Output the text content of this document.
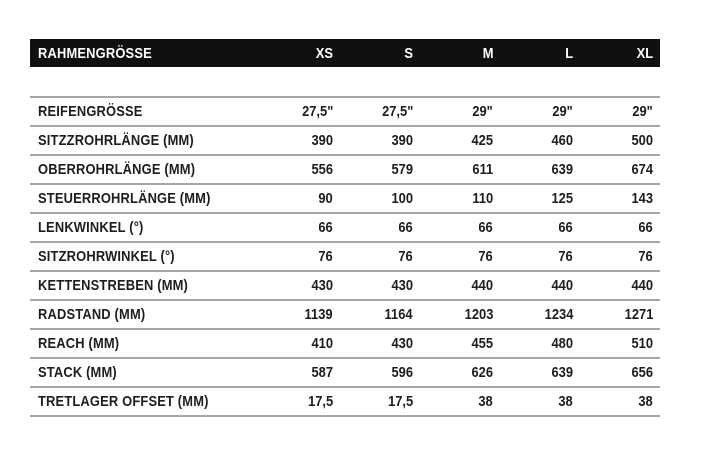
RAHMENGRÖSSE	XS	S	M	L	XL
REIFENGRÖSSE	27,5"	27,5"	29"	29"	29"
SITZZROHRLÄNGE (MM)	390	390	425	460	500
OBERROHRLÄNGE (MM)	556	579	611	639	674
STEUERROHRLÄNGE (MM)	90	100	110	125	143
LENKWINKEL (°)	66	66	66	66	66
SITZROHRWINKEL (°)	76	76	76	76	76
KETTENSTREBEN (MM)	430	430	440	440	440
RADSTAND (MM)	1139	1164	1203	1234	1271
REACH (MM)	410	430	455	480	510
STACK (MM)	587	596	626	639	656
TRETLAGER OFFSET (MM)	17,5	17,5	38	38	38
